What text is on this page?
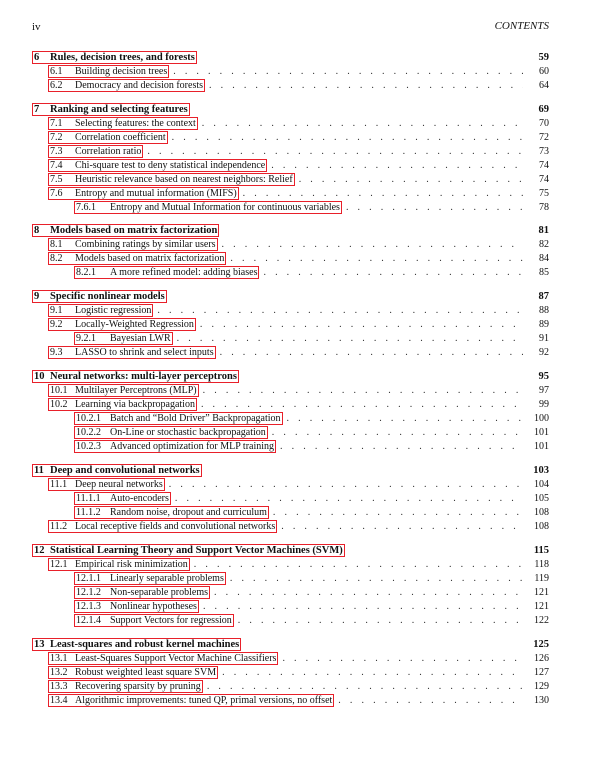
iv	CONTENTS
6	Rules, decision trees, and forests	59
6.1	Building decision trees . . .	60
6.2	Democracy and decision forests . . .	64
7	Ranking and selecting features	69
7.1	Selecting features: the context . . .	70
7.2	Correlation coefficient . . .	72
7.3	Correlation ratio . . .	73
7.4	Chi-square test to deny statistical independence . . .	74
7.5	Heuristic relevance based on nearest neighbors: Relief . . .	74
7.6	Entropy and mutual information (MIFS) . . .	75
7.6.1	Entropy and Mutual Information for continuous variables . . .	78
8	Models based on matrix factorization	81
8.1	Combining ratings by similar users . . .	82
8.2	Models based on matrix factorization . . .	84
8.2.1	A more refined model: adding biases . . .	85
9	Specific nonlinear models	87
9.1	Logistic regression . . .	88
9.2	Locally-Weighted Regression . . .	89
9.2.1	Bayesian LWR . . .	91
9.3	LASSO to shrink and select inputs . . .	92
10 Neural networks: multi-layer perceptrons	95
10.1 Multilayer Perceptrons (MLP) . . .	97
10.2 Learning via backpropagation . . .	99
10.2.1 Batch and “Bold Driver” Backpropagation . . .	100
10.2.2 On-Line or stochastic backpropagation . . .	101
10.2.3 Advanced optimization for MLP training . . .	101
11 Deep and convolutional networks	103
11.1 Deep neural networks . . .	104
11.1.1 Auto-encoders . . .	105
11.1.2 Random noise, dropout and curriculum . . .	108
11.2 Local receptive fields and convolutional networks . . .	108
12 Statistical Learning Theory and Support Vector Machines (SVM)	115
12.1 Empirical risk minimization . . .	118
12.1.1 Linearly separable problems . . .	119
12.1.2 Non-separable problems . . .	121
12.1.3 Nonlinear hypotheses . . .	121
12.1.4 Support Vectors for regression . . .	122
13 Least-squares and robust kernel machines	125
13.1 Least-Squares Support Vector Machine Classifiers . . .	126
13.2 Robust weighted least square SVM . . .	127
13.3 Recovering sparsity by pruning . . .	129
13.4 Algorithmic improvements: tuned QP, primal versions, no offset . . .	130
